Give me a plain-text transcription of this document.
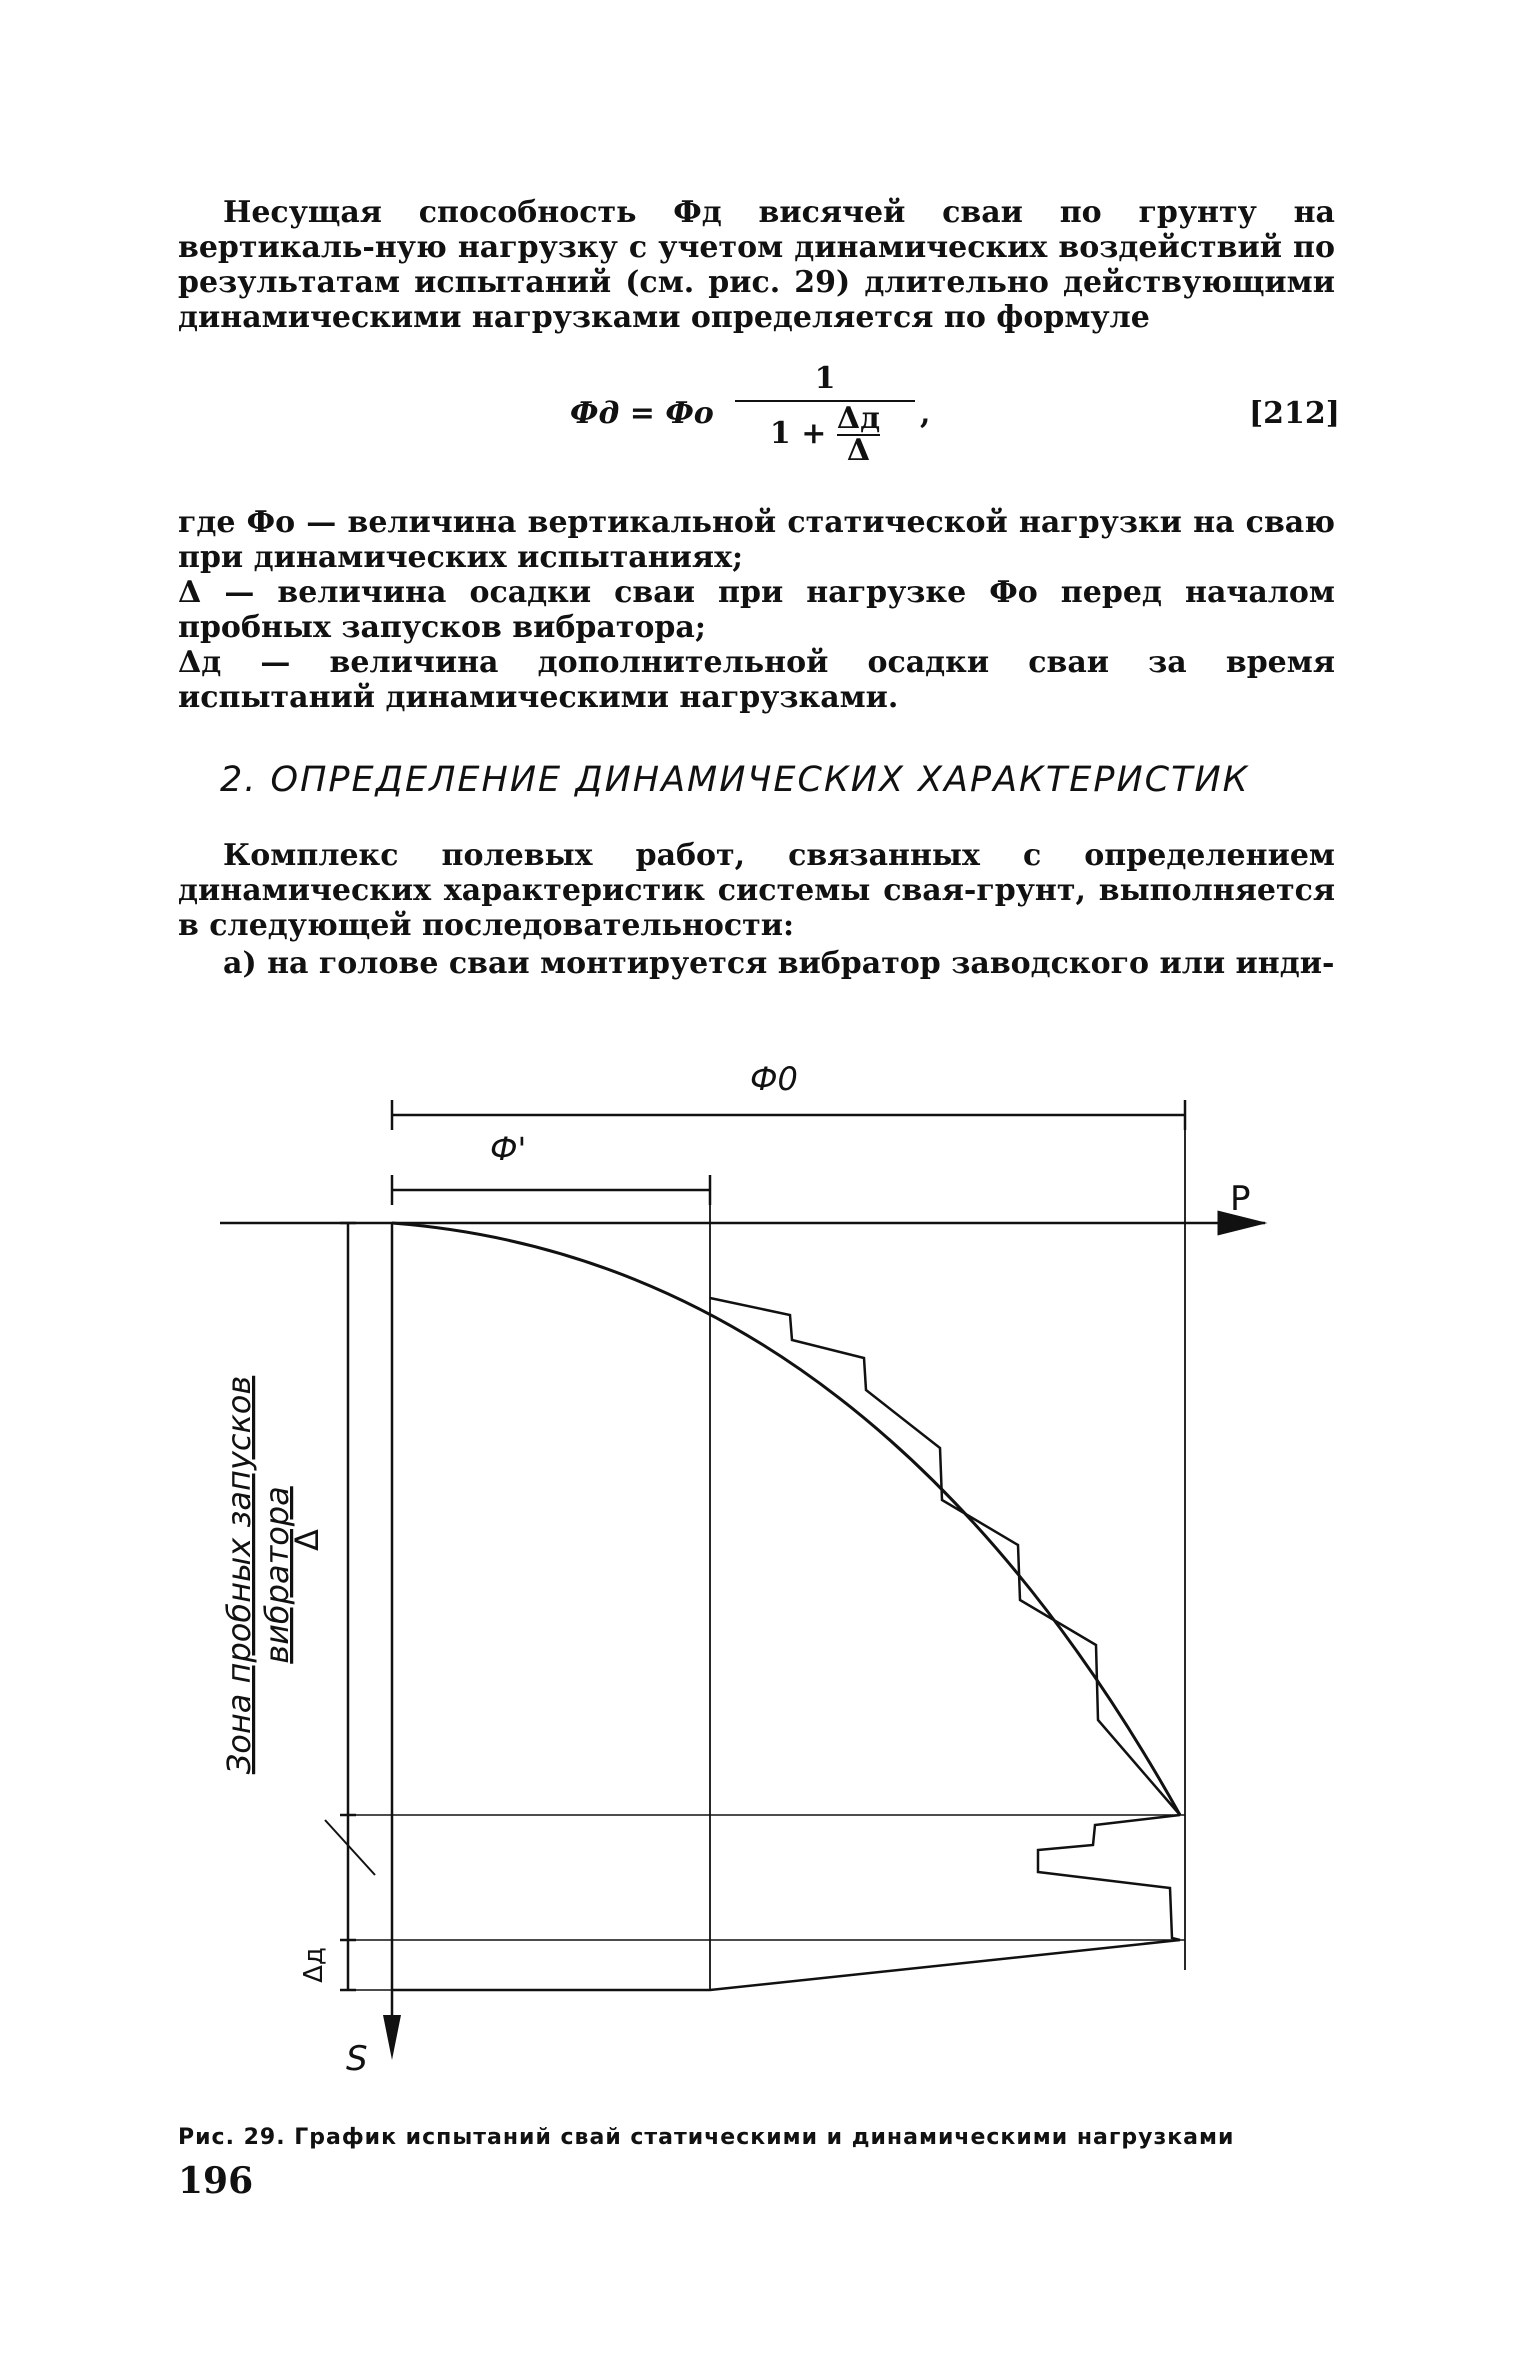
Несущая способность Фд висячей сваи по грунту на вертикаль-ную нагрузку с учетом динамических воздействий по результатам испытаний (см. рис. 29) длительно действующими динамическими нагрузками определяется по формуле

Фд = Фо
1
1 + Δд
Δ
,	[212]

где Фо — величина вертикальной статической нагрузки на сваю при динамических испытаниях;

Δ — величина осадки сваи при нагрузке Фо перед началом пробных запусков вибратора;

Δд — величина дополнительной осадки сваи за время испытаний динамическими нагрузками.

2. ОПРЕДЕЛЕНИЕ ДИНАМИЧЕСКИХ ХАРАКТЕРИСТИК

Комплекс полевых работ, связанных с определением динамических характеристик системы свая-грунт, выполняется в следующей последовательности:

а) на голове сваи монтируется вибратор заводского или инди-

Ф0
Ф'
P
S
Δ
Δд
Зона пробных запусков вибратора
Рис. 29. График испытаний свай статическими и динамическими нагрузками
196
